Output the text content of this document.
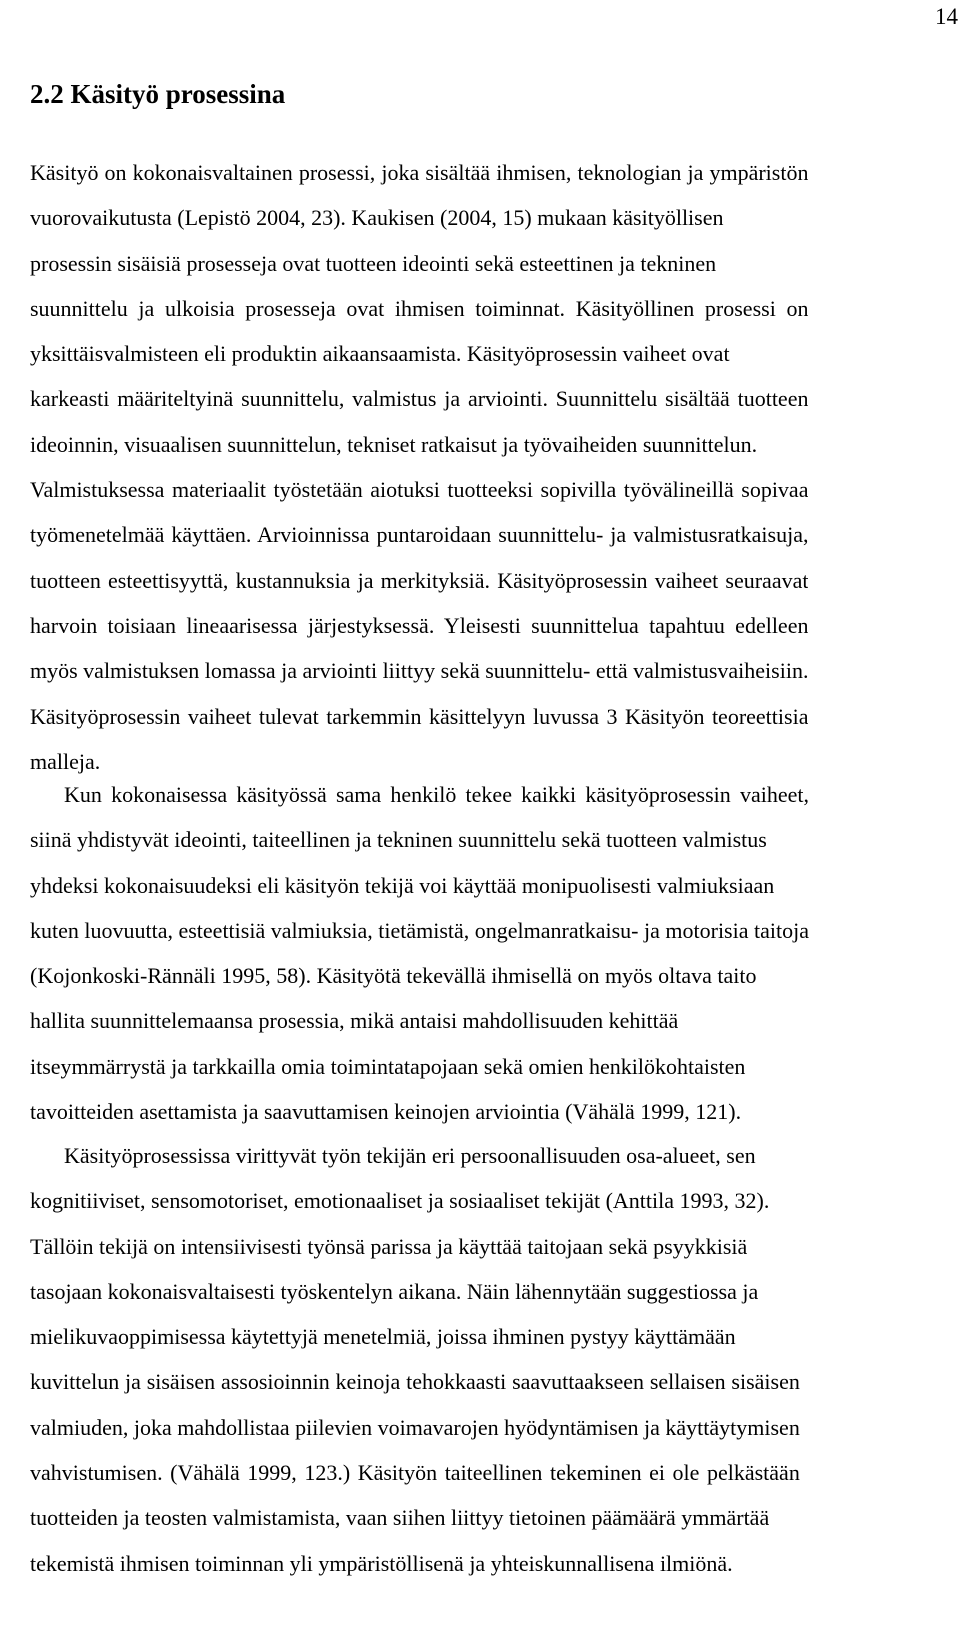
14
2.2 Käsityö prosessina
Käsityö on kokonaisvaltainen prosessi, joka sisältää ihmisen, teknologian ja ympäristön
vuorovaikutusta (Lepistö 2004, 23). Kaukisen (2004, 15) mukaan käsityöllisen
prosessin sisäisiä prosesseja ovat tuotteen ideointi sekä esteettinen ja tekninen
suunnittelu ja ulkoisia prosesseja ovat ihmisen toiminnat. Käsityöllinen prosessi on
yksittäisvalmisteen eli produktin aikaansaamista. Käsityöprosessin vaiheet ovat
karkeasti määriteltyinä suunnittelu, valmistus ja arviointi. Suunnittelu sisältää tuotteen
ideoinnin, visuaalisen suunnittelun, tekniset ratkaisut ja työvaiheiden suunnittelun.
Valmistuksessa materiaalit työstetään aiotuksi tuotteeksi sopivilla työvälineillä sopivaa
työmenetelmää käyttäen. Arvioinnissa puntaroidaan suunnittelu- ja valmistusratkaisuja,
tuotteen esteettisyyttä, kustannuksia ja merkityksiä. Käsityöprosessin vaiheet seuraavat
harvoin toisiaan lineaarisessa järjestyksessä. Yleisesti suunnittelua tapahtuu edelleen
myös valmistuksen lomassa ja arviointi liittyy sekä suunnittelu- että valmistusvaiheisiin.
Käsityöprosessin vaiheet tulevat tarkemmin käsittelyyn luvussa 3 Käsityön teoreettisia
malleja.
Kun kokonaisessa käsityössä sama henkilö tekee kaikki käsityöprosessin vaiheet,
siinä yhdistyvät ideointi, taiteellinen ja tekninen suunnittelu sekä tuotteen valmistus
yhdeksi kokonaisuudeksi eli käsityön tekijä voi käyttää monipuolisesti valmiuksiaan
kuten luovuutta, esteettisiä valmiuksia, tietämistä, ongelmanratkaisu- ja motorisia taitoja
(Kojonkoski-Rännäli 1995, 58). Käsityötä tekevällä ihmisellä on myös oltava taito
hallita suunnittelemaansa prosessia, mikä antaisi mahdollisuuden kehittää
itseymmärrystä ja tarkkailla omia toimintatapojaan sekä omien henkilökohtaisten
tavoitteiden asettamista ja saavuttamisen keinojen arviointia (Vähälä 1999, 121).
Käsityöprosessissa virittyvät työn tekijän eri persoonallisuuden osa-alueet, sen
kognitiiviset, sensomotoriset, emotionaaliset ja sosiaaliset tekijät (Anttila 1993, 32).
Tällöin tekijä on intensiivisesti työnsä parissa ja käyttää taitojaan sekä psyykkisiä
tasojaan kokonaisvaltaisesti työskentelyn aikana. Näin lähennytään suggestiossa ja
mielikuvaoppimisessa käytettyjä menetelmiä, joissa ihminen pystyy käyttämään
kuvittelun ja sisäisen assosioinnin keinoja tehokkaasti saavuttaakseen sellaisen sisäisen
valmiuden, joka mahdollistaa piilevien voimavarojen hyödyntämisen ja käyttäytymisen
vahvistumisen. (Vähälä 1999, 123.) Käsityön taiteellinen tekeminen ei ole pelkästään
tuotteiden ja teosten valmistamista, vaan siihen liittyy tietoinen päämäärä ymmärtää
tekemistä ihmisen toiminnan yli ympäristöllisenä ja yhteiskunnallisena ilmiönä.
